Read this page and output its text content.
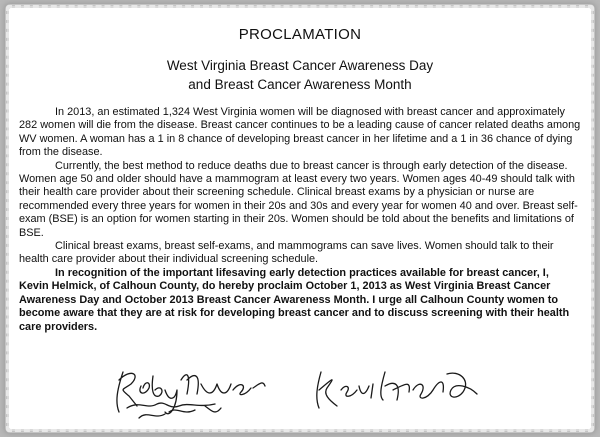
PROCLAMATION
West Virginia Breast Cancer Awareness Day
and Breast Cancer Awareness Month

In 2013, an estimated 1,324 West Virginia women will be diagnosed with breast cancer and approximately 282 women will die from the disease. Breast cancer continues to be a leading cause of cancer related deaths among WV women. A woman has a 1 in 8 chance of developing breast cancer in her lifetime and a 1 in 36 chance of dying from the disease.

Currently, the best method to reduce deaths due to breast cancer is through early detection of the disease. Women age 50 and older should have a mammogram at least every two years. Women ages 40-49 should talk with their health care provider about their screening schedule. Clinical breast exams by a physician or nurse are recommended every three years for women in their 20s and 30s and every year for women 40 and over. Breast self-exam (BSE) is an option for women starting in their 20s. Women should be told about the benefits and limitations of BSE.

Clinical breast exams, breast self-exams, and mammograms can save lives. Women should talk to their health care provider about their individual screening schedule.

In recognition of the important lifesaving early detection practices available for breast cancer, I, Kevin Helmick, of Calhoun County, do hereby proclaim October 1, 2013 as West Virginia Breast Cancer Awareness Day and October 2013 Breast Cancer Awareness Month. I urge all Calhoun County women to become aware that they are at risk for developing breast cancer and to discuss screening with their health care providers.
